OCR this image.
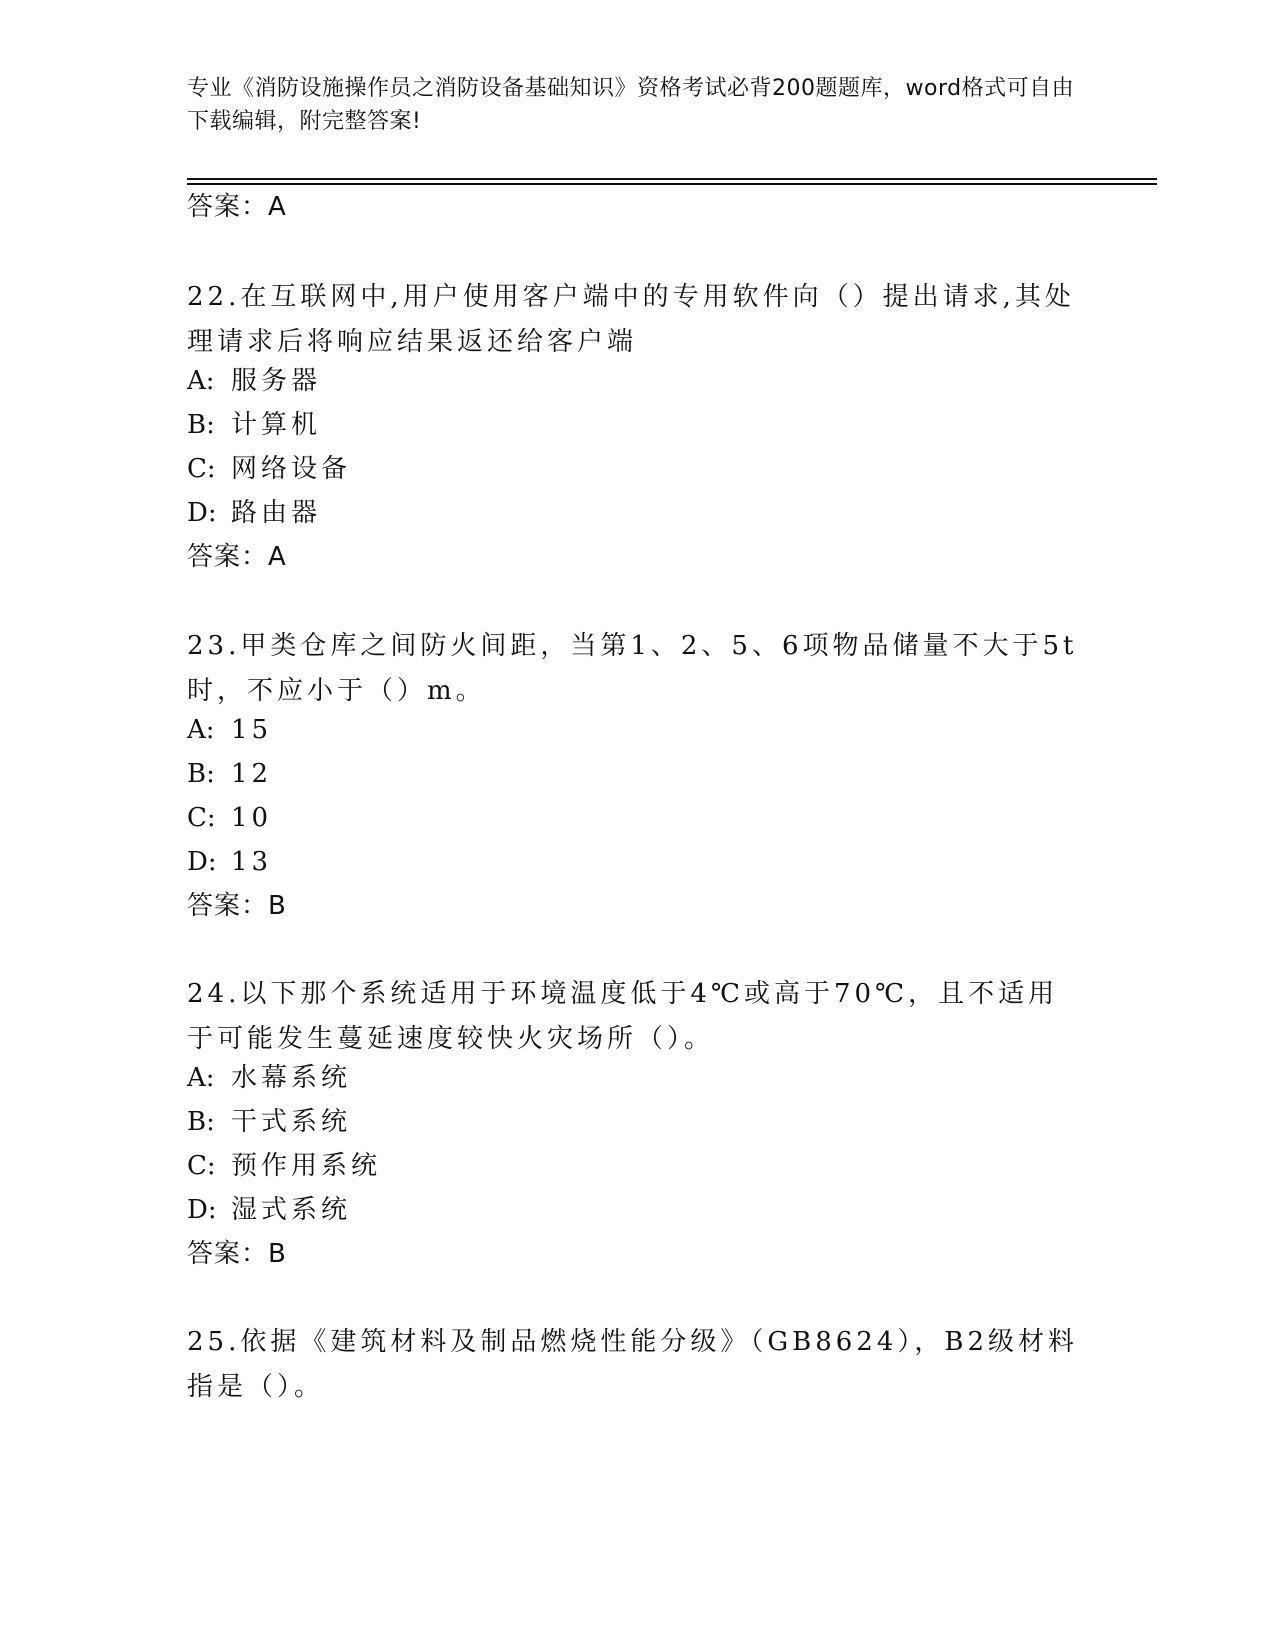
专业《消防设施操作员之消防设备基础知识》资格考试必背200题题库，word格式可自由下载编辑，附完整答案!
答案：A
22.在互联网中,用户使用客户端中的专用软件向（）提出请求,其处理请求后将响应结果返还给客户端
A: 服务器
B: 计算机
C: 网络设备
D: 路由器
答案：A
23.甲类仓库之间防火间距，当第1、2、5、6项物品储量不大于5t时，不应小于（）m。
A: 15
B: 12
C: 10
D: 13
答案：B
24.以下那个系统适用于环境温度低于4℃或高于70℃，且不适用于可能发生蔓延速度较快火灾场所（）。
A: 水幕系统
B: 干式系统
C: 预作用系统
D: 湿式系统
答案：B
25.依据《建筑材料及制品燃烧性能分级》（GB8624），B2级材料指是（）。
